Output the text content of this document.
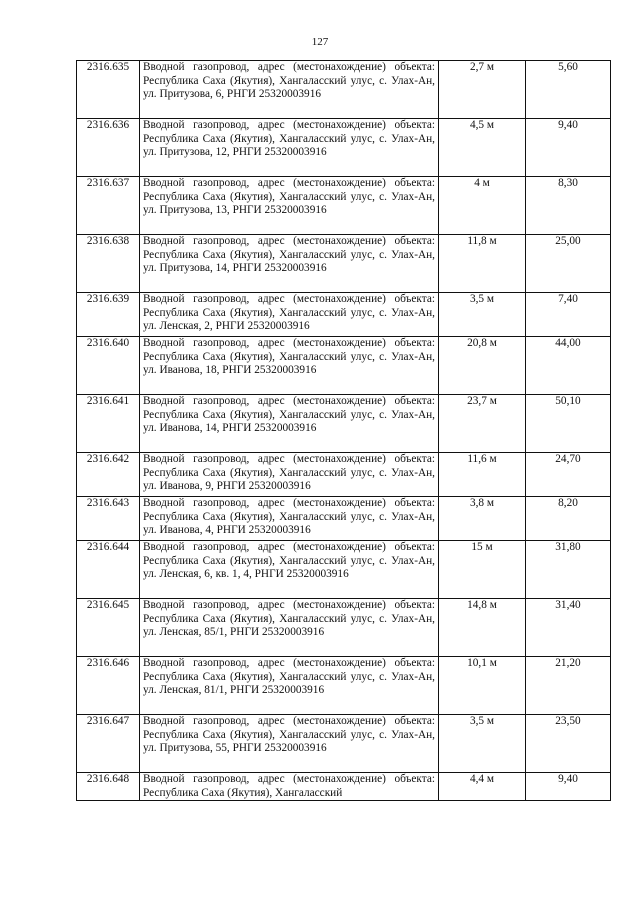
127
2316.635	Вводной газопровод, адрес (местонахождение) объекта: Республика Саха (Якутия), Хангаласский улус, с. Улах-Ан, ул. Притузова, 6, РНГИ 25320003916	2,7 м	5,60
2316.636	Вводной газопровод, адрес (местонахождение) объекта: Республика Саха (Якутия), Хангаласский улус, с. Улах-Ан, ул. Притузова, 12, РНГИ 25320003916	4,5 м	9,40
2316.637	Вводной газопровод, адрес (местонахождение) объекта: Республика Саха (Якутия), Хангаласский улус, с. Улах-Ан, ул. Притузова, 13, РНГИ 25320003916	4 м	8,30
2316.638	Вводной газопровод, адрес (местонахождение) объекта: Республика Саха (Якутия), Хангаласский улус, с. Улах-Ан, ул. Притузова, 14, РНГИ 25320003916	11,8 м	25,00
2316.639	Вводной газопровод, адрес (местонахождение) объекта: Республика Саха (Якутия), Хангаласский улус, с. Улах-Ан, ул. Ленская, 2, РНГИ 25320003916	3,5 м	7,40
2316.640	Вводной газопровод, адрес (местонахождение) объекта: Республика Саха (Якутия), Хангаласский улус, с. Улах-Ан, ул. Иванова, 18, РНГИ 25320003916	20,8 м	44,00
2316.641	Вводной газопровод, адрес (местонахождение) объекта: Республика Саха (Якутия), Хангаласский улус, с. Улах-Ан, ул. Иванова, 14, РНГИ 25320003916	23,7 м	50,10
2316.642	Вводной газопровод, адрес (местонахождение) объекта: Республика Саха (Якутия), Хангаласский улус, с. Улах-Ан, ул. Иванова, 9, РНГИ 25320003916	11,6 м	24,70
2316.643	Вводной газопровод, адрес (местонахождение) объекта: Республика Саха (Якутия), Хангаласский улус, с. Улах-Ан, ул. Иванова, 4, РНГИ 25320003916	3,8 м	8,20
2316.644	Вводной газопровод, адрес (местонахождение) объекта: Республика Саха (Якутия), Хангаласский улус, с. Улах-Ан, ул. Ленская, 6, кв. 1, 4, РНГИ 25320003916	15 м	31,80
2316.645	Вводной газопровод, адрес (местонахождение) объекта: Республика Саха (Якутия), Хангаласский улус, с. Улах-Ан, ул. Ленская, 85/1, РНГИ 25320003916	14,8 м	31,40
2316.646	Вводной газопровод, адрес (местонахождение) объекта: Республика Саха (Якутия), Хангаласский улус, с. Улах-Ан, ул. Ленская, 81/1, РНГИ 25320003916	10,1 м	21,20
2316.647	Вводной газопровод, адрес (местонахождение) объекта: Республика Саха (Якутия), Хангаласский улус, с. Улах-Ан, ул. Притузова, 55, РНГИ 25320003916	3,5 м	23,50
2316.648	Вводной газопровод, адрес (местонахождение) объекта: Республика Саха (Якутия), Хангаласский	4,4 м	9,40
